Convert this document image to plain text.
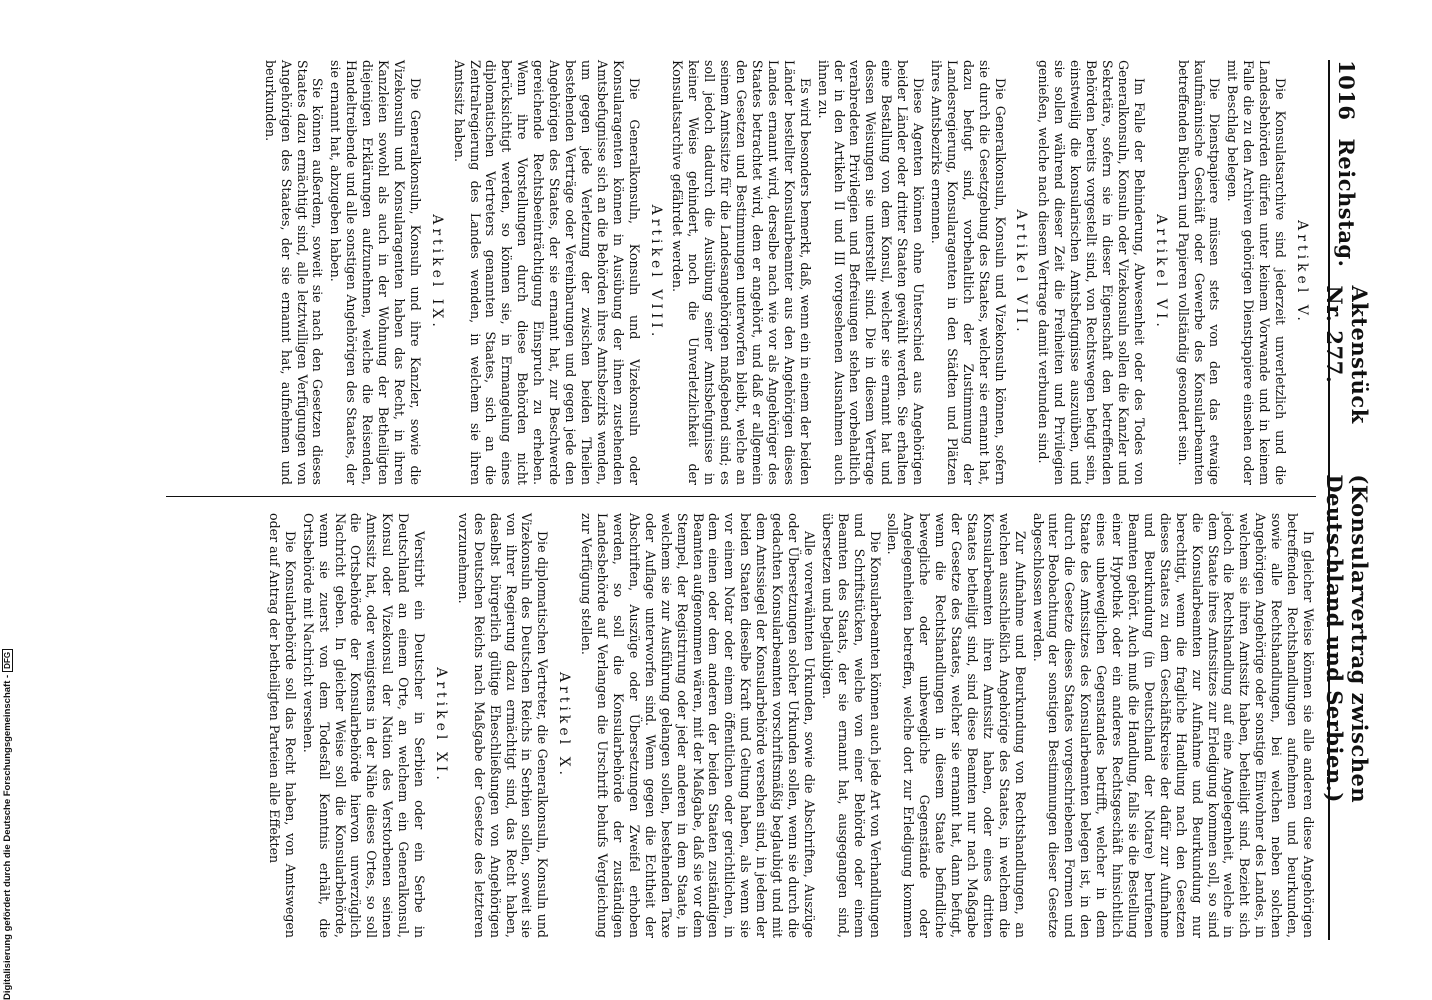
Digitalisierung gefördert durch die Deutsche Forschungsgemeinschaft -
DFG
1016
Reichstag.
Aktenstück Nr. 277.
(Konsularvertrag zwischen Deutschland und Serbien.)
Artikel V.

Die Konsulatsarchive sind jederzeit unverletzlich und die Landesbehörden dürfen unter keinem Vorwande und in keinem Falle die zu den Archiven gehörigen Dienstpapiere einsehen oder mit Beschlag belegen.

Die Dienstpapiere müssen stets von den das etwaige kaufmännische Geschäft oder Gewerbe des Konsularbeamten betreffenden Büchern und Papieren vollständig gesondert sein.

Artikel VI.

Im Falle der Behinderung, Abwesenheit oder des Todes von Generalkonsuln, Konsuln oder Vizekonsuln sollen die Kanzler und Sekretäre, sofern sie in dieser Eigenschaft den betreffenden Behörden bereits vorgestellt sind, von Rechtswegen befugt sein, einstweilig die konsularischen Amtsbefugnisse auszuüben, und sie sollen während dieser Zeit die Freiheiten und Privilegien genießen, welche nach diesem Vertrage damit verbunden sind.

Artikel VII.

Die Generalkonsuln, Konsuln und Vizekonsuln können, sofern sie durch die Gesetzgebung des Staates, welcher sie ernannt hat, dazu befugt sind, vorbehaltlich der Zustimmung der Landesregierung, Konsularagenten in den Städten und Plätzen ihres Amtsbezirks ernennen.

Diese Agenten können ohne Unterschied aus Angehörigen beider Länder oder dritter Staaten gewählt werden. Sie erhalten eine Bestallung von dem Konsul, welcher sie ernannt hat und dessen Weisungen sie unterstellt sind. Die in diesem Vertrage verabredeten Privilegien und Befreiungen stehen vorbehaltlich der in den Artikeln II und III vorgesehenen Ausnahmen auch ihnen zu.

Es wird besonders bemerkt, daß, wenn ein in einem der beiden Länder bestellter Konsularbeamter aus den Angehörigen dieses Landes ernannt wird, derselbe nach wie vor als Angehöriger des Staates betrachtet wird, dem er angehört, und daß er allgemein den Gesetzen und Bestimmungen unterworfen bleibt, welche an seinem Amtssitze für die Landesangehörigen maßgebend sind; es soll jedoch dadurch die Ausübung seiner Amtsbefugnisse in keiner Weise gehindert, noch die Unverletzlichkeit der Konsulatsarchive gefährdet werden.

Artikel VIII.

Die Generalkonsuln, Konsuln und Vizekonsuln oder Konsularagenten können in Ausübung der ihnen zustehenden Amtsbefugnisse sich an die Behörden ihres Amtsbezirks wenden, um gegen jede Verletzung der zwischen beiden Theilen bestehenden Verträge oder Vereinbarungen und gegen jede den Angehörigen des Staates, der sie ernannt hat, zur Beschwerde gereichende Rechtsbeeinträchtigung Einspruch zu erheben. Wenn ihre Vorstellungen durch diese Behörden nicht berücksichtigt werden, so können sie, in Ermangelung eines diplomatischen Vertreters genannten Staates, sich an die Zentralregierung des Landes wenden, in welchem sie ihren Amtssitz haben.

Artikel IX.

Die Generalkonsuln, Konsuln und ihre Kanzler, sowie die Vizekonsuln und Konsularagenten haben das Recht, in ihren Kanzleien sowohl als auch in der Wohnung der Betheiligten diejenigen Erklärungen aufzunehmen, welche die Reisenden, Handeltreibende und alle sonstigen Angehörigen des Staates, der sie ernannt hat, abzugeben haben.

Sie können außerdem, soweit sie nach den Gesetzen dieses Staates dazu ermächtigt sind, alle letztwilligen Verfügungen von Angehörigen des Staates, der sie ernannt hat, aufnehmen und beurkunden.

In gleicher Weise können sie alle anderen diese Angehörigen betreffenden Rechtshandlungen aufnehmen und beurkunden, sowie alle Rechtshandlungen, bei welchen neben solchen Angehörigen Angehörige oder sonstige Einwohner des Landes, in welchem sie ihren Amtssitz haben, betheiligt sind. Bezieht sich jedoch die Rechtshandlung auf eine Angelegenheit, welche in dem Staate ihres Amtssitzes zur Erledigung kommen soll, so sind die Konsularbeamten zur Aufnahme und Beurkundung nur berechtigt, wenn die fragliche Handlung nach den Gesetzen dieses Staates zu dem Geschäftskreise der dafür zur Aufnahme und Beurkundung (in Deutschland der Notare) berufenen Beamten gehört. Auch muß die Handlung, falls sie die Bestellung einer Hypothek oder ein anderes Rechtsgeschäft hinsichtlich eines unbeweglichen Gegenstandes betrifft, welcher in dem Staate des Amtssitzes des Konsularbeamten belegen ist, in den durch die Gesetze dieses Staates vorgeschriebenen Formen und unter Beobachtung der sonstigen Bestimmungen dieser Gesetze abgeschlossen werden.

Zur Aufnahme und Beurkundung von Rechtshandlungen, an welchen ausschließlich Angehörige des Staates, in welchem die Konsularbeamten ihren Amtssitz haben, oder eines dritten Staates betheiligt sind, sind diese Beamten nur nach Maßgabe der Gesetze des Staates, welcher sie ernannt hat, dann befugt, wenn die Rechtshandlungen in diesem Staate befindliche bewegliche oder unbewegliche Gegenstände oder Angelegenheiten betreffen, welche dort zur Erledigung kommen sollen.

Die Konsularbeamten können auch jede Art von Verhandlungen und Schriftstücken, welche von einer Behörde oder einem Beamten des Staats, der sie ernannt hat, ausgegangen sind, übersetzen und beglaubigen.

Alle vorerwähnten Urkunden, sowie die Abschriften, Auszüge oder Übersetzungen solcher Urkunden sollen, wenn sie durch die gedachten Konsularbeamten vorschriftsmäßig beglaubigt und mit dem Amtssiegel der Konsularbehörde versehen sind, in jedem der beiden Staaten dieselbe Kraft und Geltung haben, als wenn sie vor einem Notar oder einem öffentlichen oder gerichtlichen, in dem einen oder dem anderen der beiden Staaten zuständigen Beamten aufgenommen wären, mit der Maßgabe, daß sie vor dem Stempel, der Registrirung oder jeder anderen in dem Staate, in welchem sie zur Ausführung gelangen sollen, bestehenden Taxe oder Auflage unterworfen sind. Wenn gegen die Echtheit der Abschriften, Auszüge oder Übersetzungen Zweifel erhoben werden, so soll die Konsularbehörde der zuständigen Landesbehörde auf Verlangen die Urschrift behufs Vergleichung zur Verfügung stellen.

Artikel X.

Die diplomatischen Vertreter, die Generalkonsuln, Konsuln und Vizekonsuln des Deutschen Reichs in Serbien sollen, soweit sie von ihrer Regierung dazu ermächtigt sind, das Recht haben, daselbst bürgerlich gültige Eheschließungen von Angehörigen des Deutschen Reichs nach Maßgabe der Gesetze des letzteren vorzunehmen.

Artikel XI.

Verstirbt ein Deutscher in Serbien oder ein Serbe in Deutschland an einem Orte, an welchem ein Generalkonsul, Konsul oder Vizekonsul der Nation des Verstorbenen seinen Amtssitz hat, oder wenigstens in der Nähe dieses Ortes, so soll die Ortsbehörde der Konsularbehörde hiervon unverzüglich Nachricht geben. In gleicher Weise soll die Konsularbehörde, wenn sie zuerst von dem Todesfall Kenntnis erhält, die Ortsbehörde mit Nachricht versehen.

Die Konsularbehörde soll das Recht haben, von Amtswegen oder auf Antrag der betheiligten Parteien alle Effekten
